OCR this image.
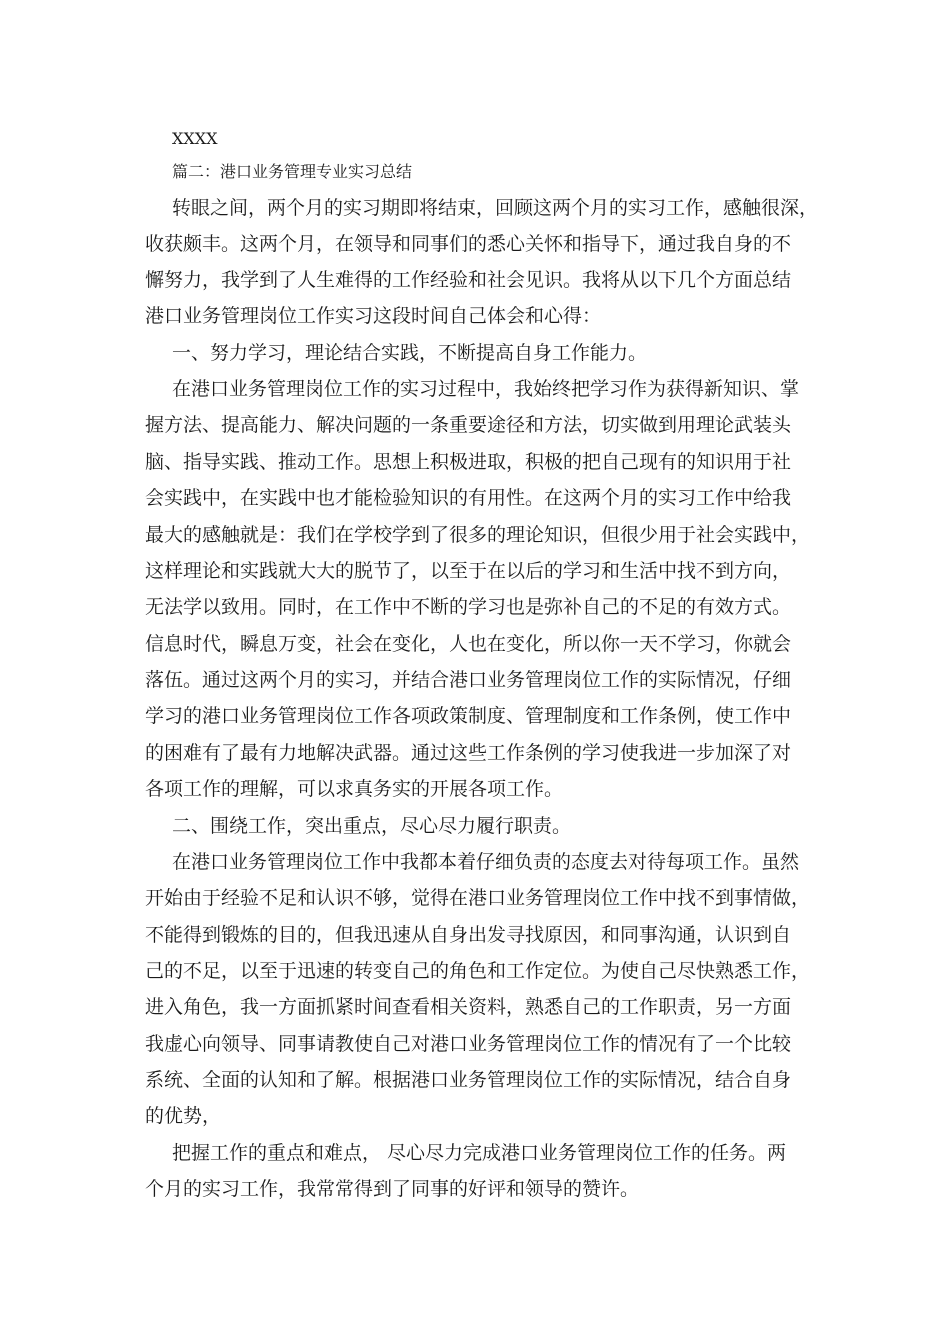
XXXX
篇二：港口业务管理专业实习总结
转眼之间，两个月的实习期即将结束，回顾这两个月的实习工作，感触很深，
收获颇丰。这两个月，在领导和同事们的悉心关怀和指导下，通过我自身的不
懈努力，我学到了人生难得的工作经验和社会见识。我将从以下几个方面总结
港口业务管理岗位工作实习这段时间自己体会和心得：
一、努力学习，理论结合实践，不断提高自身工作能力。
在港口业务管理岗位工作的实习过程中，我始终把学习作为获得新知识、掌
握方法、提高能力、解决问题的一条重要途径和方法，切实做到用理论武装头
脑、指导实践、推动工作。思想上积极进取，积极的把自己现有的知识用于社
会实践中，在实践中也才能检验知识的有用性。在这两个月的实习工作中给我
最大的感触就是：我们在学校学到了很多的理论知识，但很少用于社会实践中，
这样理论和实践就大大的脱节了，以至于在以后的学习和生活中找不到方向，
无法学以致用。同时，在工作中不断的学习也是弥补自己的不足的有效方式。
信息时代，瞬息万变，社会在变化，人也在变化，所以你一天不学习，你就会
落伍。通过这两个月的实习，并结合港口业务管理岗位工作的实际情况，仔细
学习的港口业务管理岗位工作各项政策制度、管理制度和工作条例，使工作中
的困难有了最有力地解决武器。通过这些工作条例的学习使我进一步加深了对
各项工作的理解，可以求真务实的开展各项工作。
二、围绕工作，突出重点，尽心尽力履行职责。
在港口业务管理岗位工作中我都本着仔细负责的态度去对待每项工作。虽然
开始由于经验不足和认识不够，觉得在港口业务管理岗位工作中找不到事情做，
不能得到锻炼的目的，但我迅速从自身出发寻找原因，和同事沟通，认识到自
己的不足，以至于迅速的转变自己的角色和工作定位。为使自己尽快熟悉工作，
进入角色，我一方面抓紧时间查看相关资料，熟悉自己的工作职责，另一方面
我虚心向领导、同事请教使自己对港口业务管理岗位工作的情况有了一个比较
系统、全面的认知和了解。根据港口业务管理岗位工作的实际情况，结合自身
的优势，
把握工作的重点和难点， 尽心尽力完成港口业务管理岗位工作的任务。两
个月的实习工作，我常常得到了同事的好评和领导的赞许。
